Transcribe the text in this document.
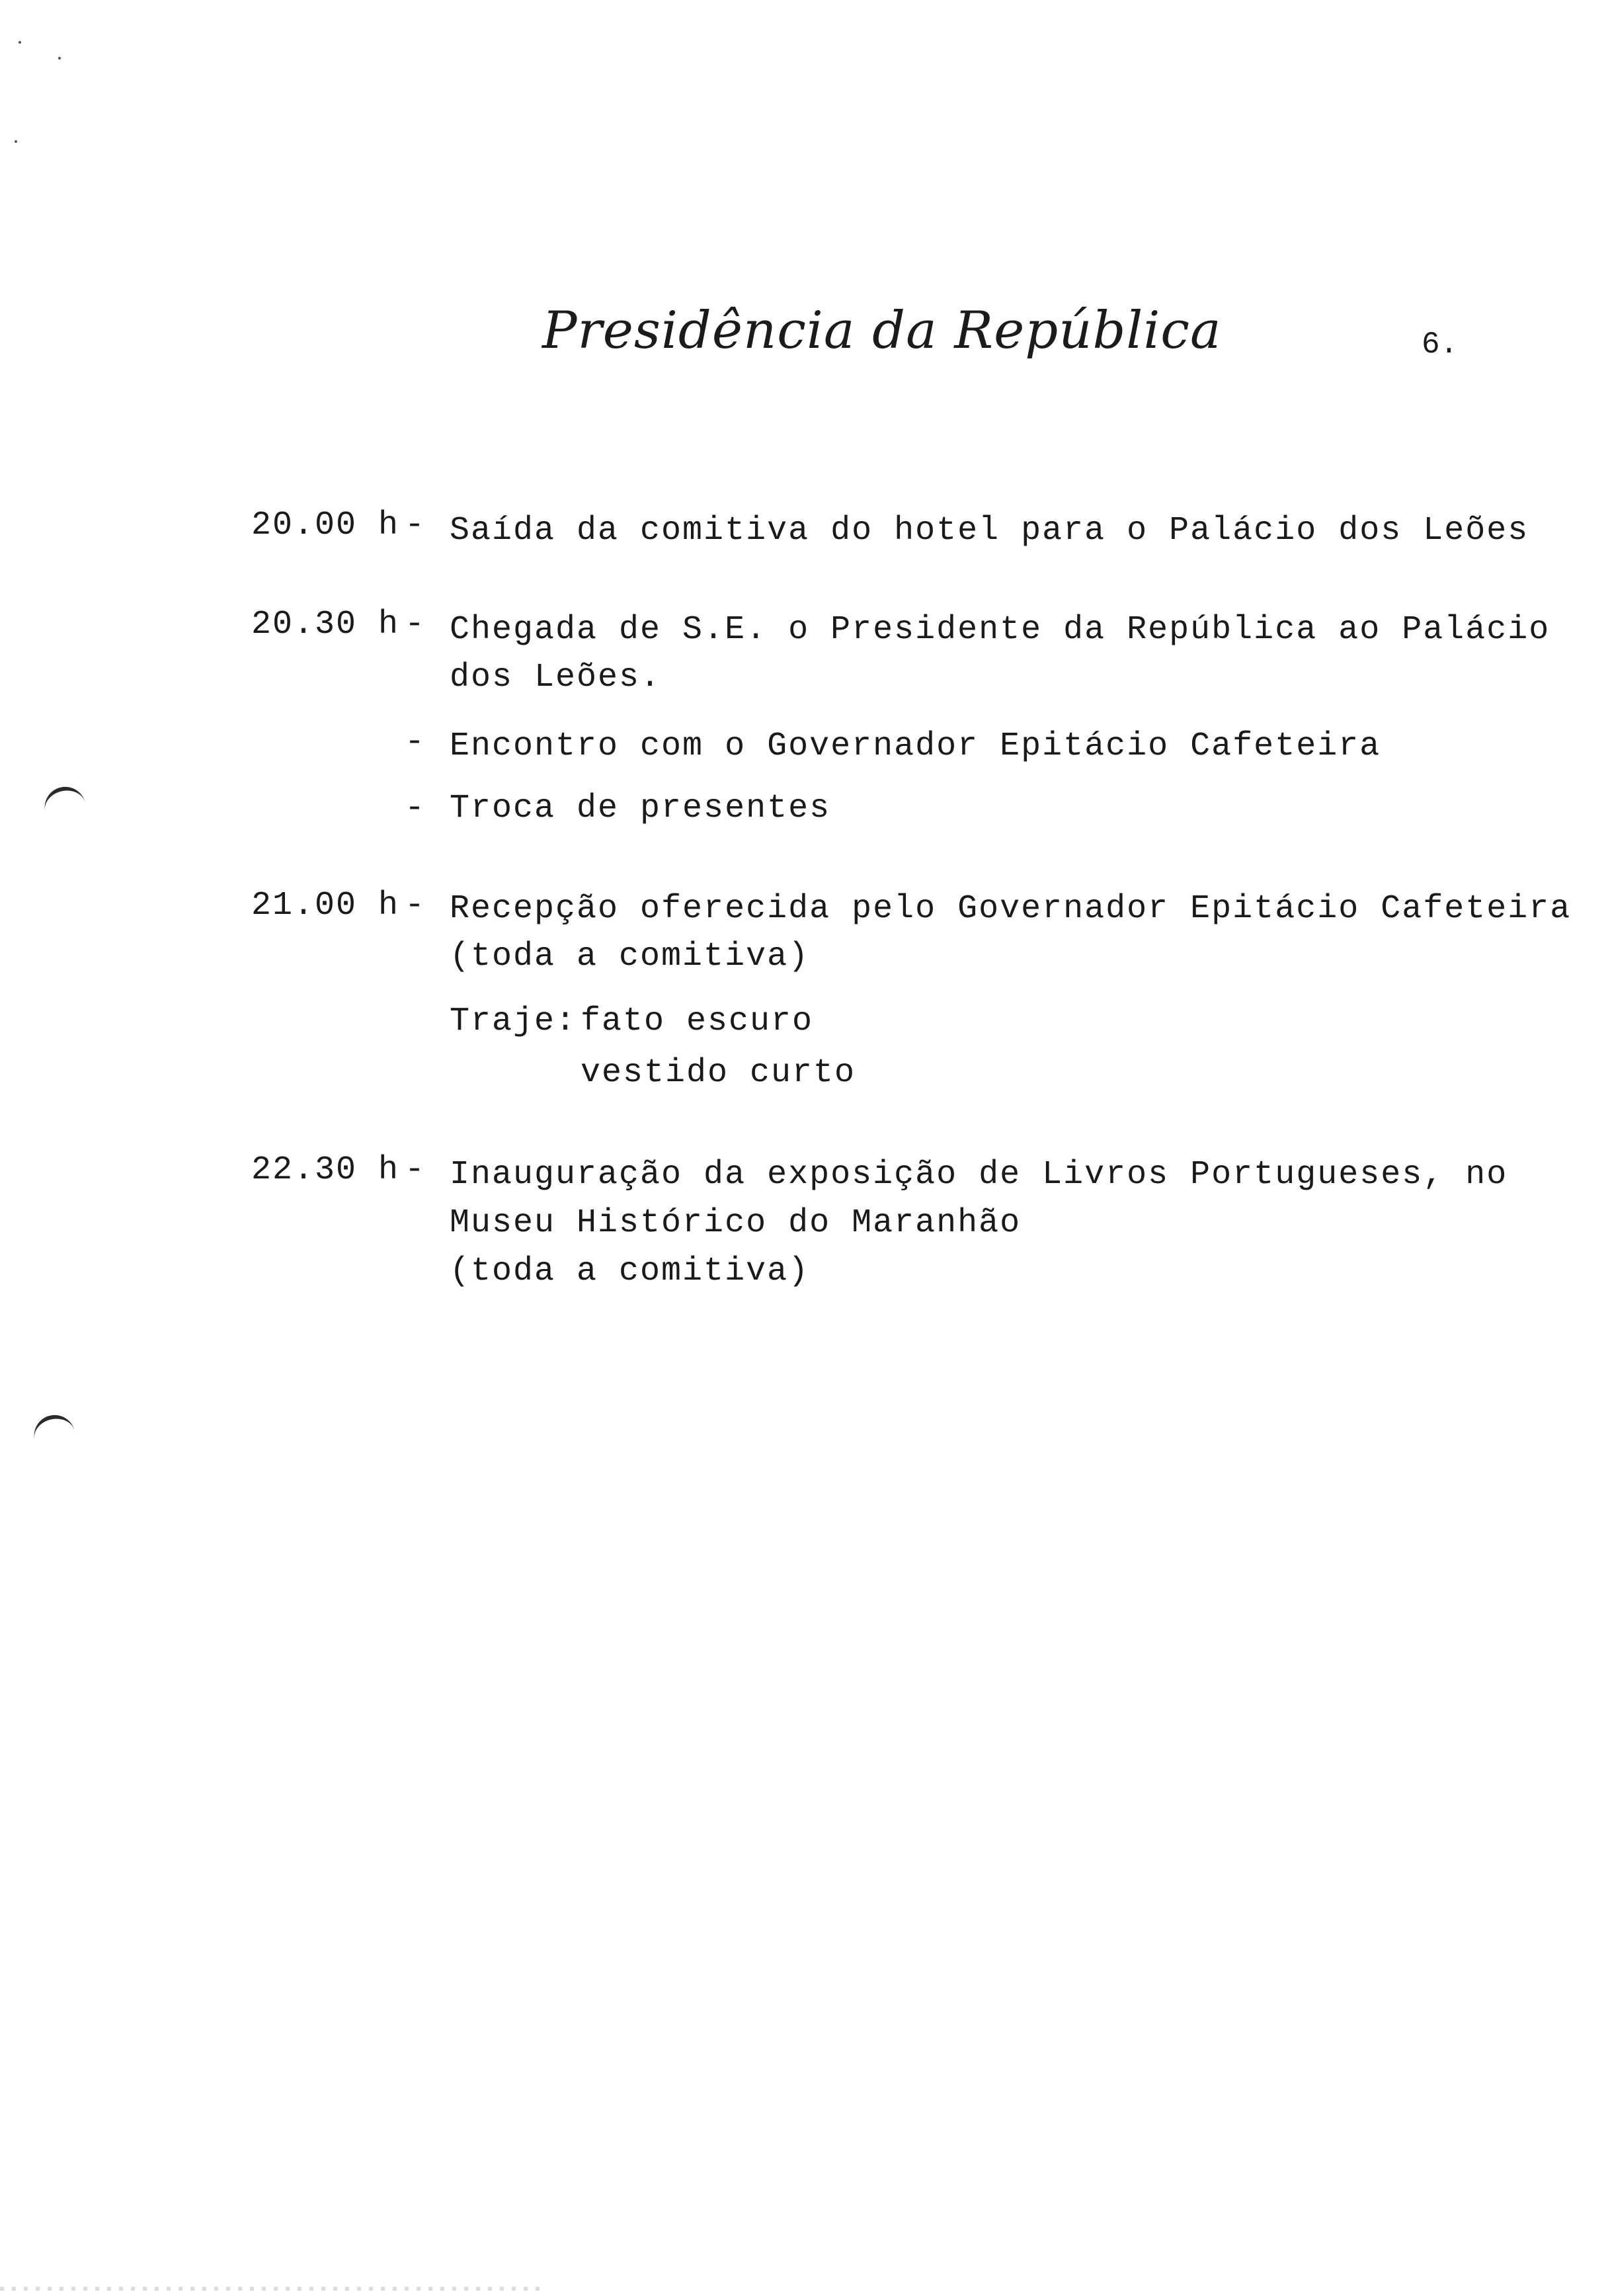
Presidência da República	6.
20.00 h - Saída da comitiva do hotel para o Palácio dos Leões
20.30 h - Chegada de S.E. o Presidente da República ao Palácio
dos Leões.
- Encontro com o Governador Epitácio Cafeteira
- Troca de presentes
21.00 h - Recepção oferecida pelo Governador Epitácio Cafeteira
(toda a comitiva)
Traje: fato escuro
vestido curto
22.30 h - Inauguração da exposição de Livros Portugueses, no
Museu Histórico do Maranhão
(toda a comitiva)
